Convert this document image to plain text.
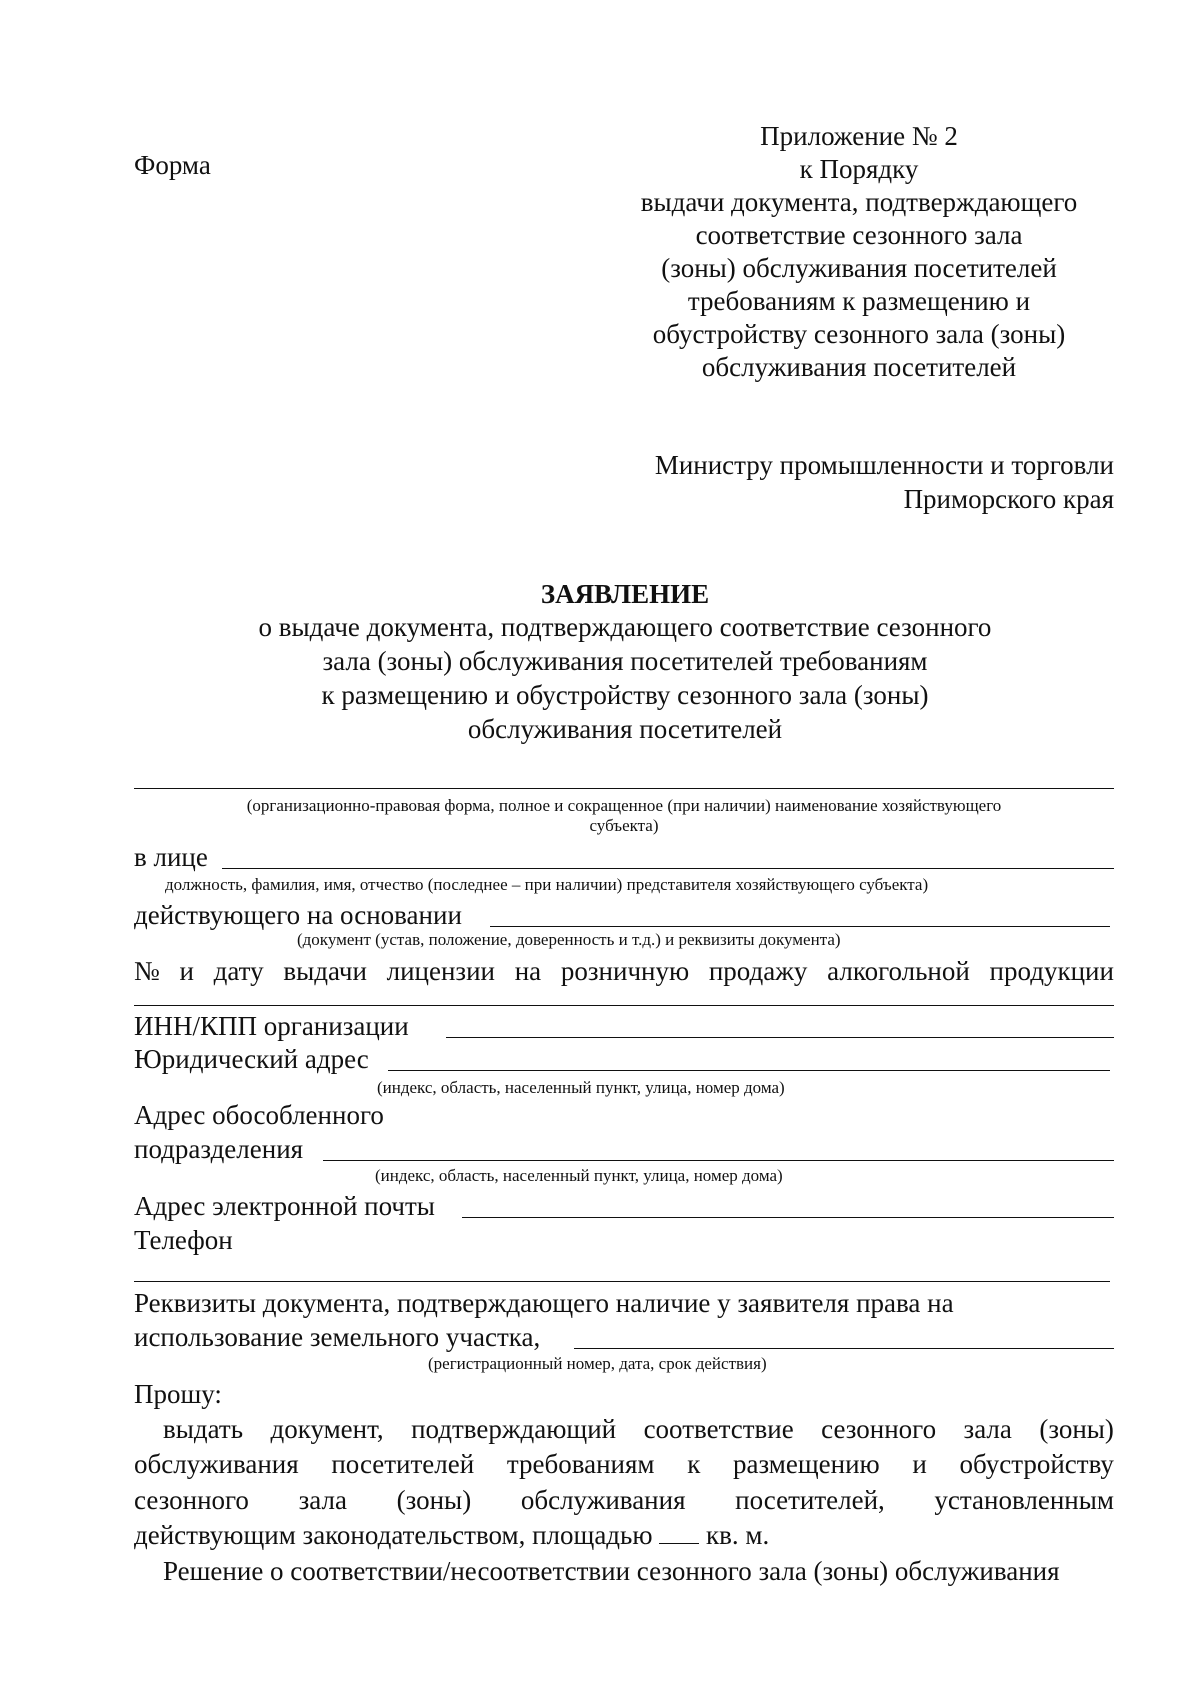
Форма
Приложение № 2
к Порядку
выдачи документа, подтверждающего
соответствие сезонного зала
(зоны) обслуживания посетителей
требованиям к размещению и
обустройству сезонного зала (зоны)
обслуживания посетителей
Министру промышленности и торговли
Приморского края
ЗАЯВЛЕНИЕ
о выдаче документа, подтверждающего соответствие сезонного
зала (зоны) обслуживания посетителей требованиям
к размещению и обустройству сезонного зала (зоны)
обслуживания посетителей
(организационно-правовая форма, полное и сокращенное (при наличии) наименование хозяйствующего
субъекта)
в лице
должность, фамилия, имя, отчество (последнее – при наличии) представителя хозяйствующего субъекта)
действующего на основании
(документ (устав, положение, доверенность и т.д.) и реквизиты документа)
№ и дату выдачи лицензии на розничную продажу алкогольной продукции
ИНН/КПП организации
Юридический адрес
(индекс, область, населенный пункт, улица, номер дома)
Адрес обособленного
подразделения
(индекс, область, населенный пункт, улица, номер дома)
Адрес электронной почты
Телефон
Реквизиты документа, подтверждающего наличие у заявителя права на
использование земельного участка,
(регистрационный номер, дата, срок действия)
Прошу:
выдать документ, подтверждающий соответствие сезонного зала (зоны)
обслуживания посетителей требованиям к размещению и обустройству
сезонного зала (зоны) обслуживания посетителей, установленным
действующим законодательством, площадью кв. м.
Решение о соответствии/несоответствии сезонного зала (зоны) обслуживания
